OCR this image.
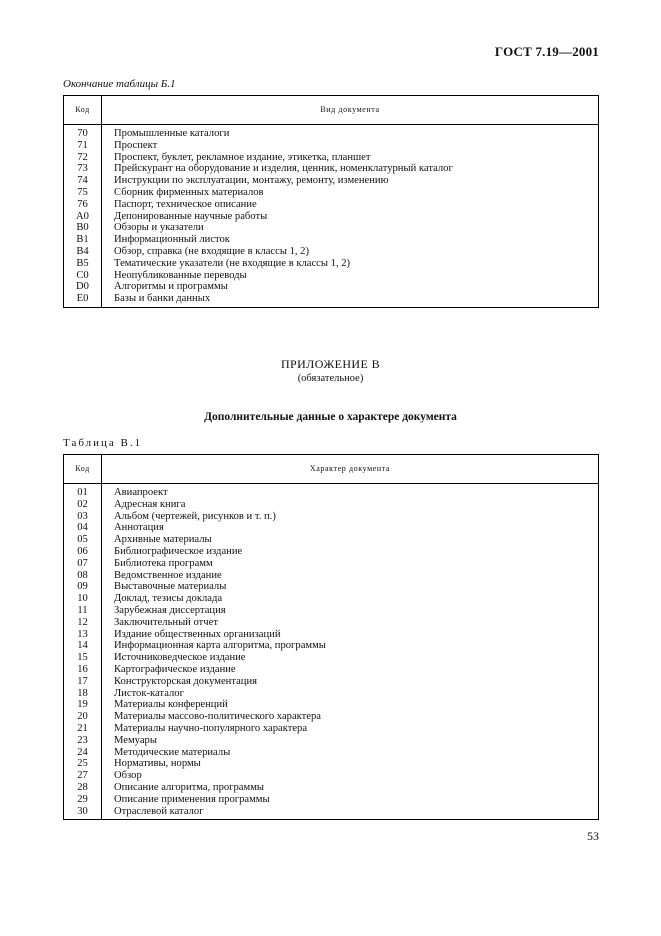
ГОСТ 7.19—2001
Окончание таблицы Б.1
Код	Вид документа
70	Промышленные каталоги
71	Проспект
72	Проспект, буклет, рекламное издание, этикетка, планшет
73	Прейскурант на оборудование и изделия, ценник, номенклатурный каталог
74	Инструкции по эксплуатации, монтажу, ремонту, изменению
75	Сборник фирменных материалов
76	Паспорт, техническое описание
A0	Депонированные научные работы
B0	Обзоры и указатели
B1	Информационный листок
B4	Обзор, справка (не входящие в классы 1, 2)
B5	Тематические указатели (не входящие в классы 1, 2)
C0	Неопубликованные переводы
D0	Алгоритмы и программы
E0	Базы и банки данных
ПРИЛОЖЕНИЕ В
(обязательное)
Дополнительные данные о характере документа
Таблица В.1
Код	Характер документа
01	Авиапроект
02	Адресная книга
03	Альбом (чертежей, рисунков и т. п.)
04	Аннотация
05	Архивные материалы
06	Библиографическое издание
07	Библиотека программ
08	Ведомственное издание
09	Выставочные материалы
10	Доклад, тезисы доклада
11	Зарубежная диссертация
12	Заключительный отчет
13	Издание общественных организаций
14	Информационная карта алгоритма, программы
15	Источниковедческое издание
16	Картографическое издание
17	Конструкторская документация
18	Листок-каталог
19	Материалы конференций
20	Материалы массово-политического характера
21	Материалы научно-популярного характера
23	Мемуары
24	Методические материалы
25	Нормативы, нормы
27	Обзор
28	Описание алгоритма, программы
29	Описание применения программы
30	Отраслевой каталог
53
